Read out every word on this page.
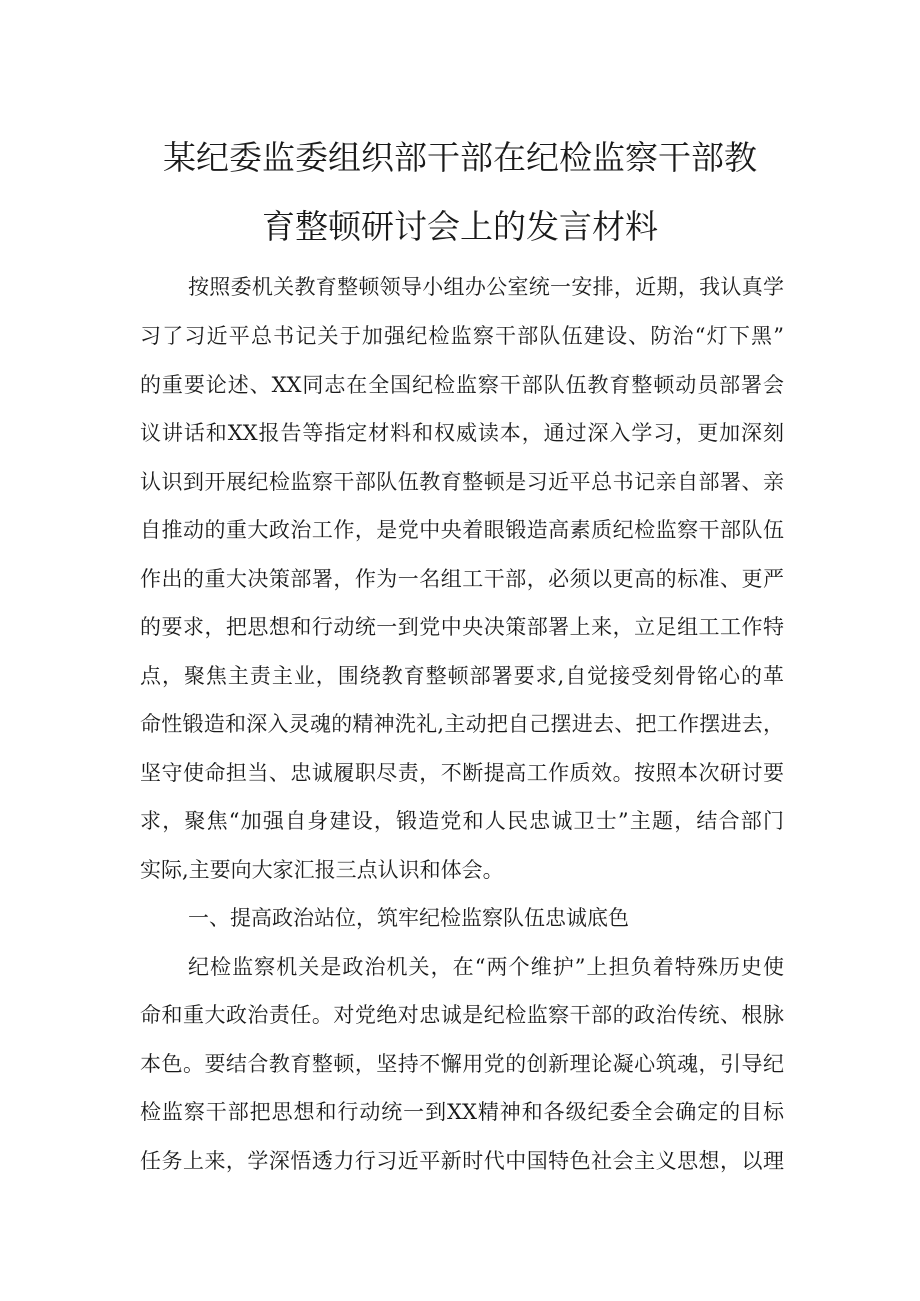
某纪委监委组织部干部在纪检监察干部教
育整顿研讨会上的发言材料
按照委机关教育整顿领导小组办公室统一安排，近期，我认真学
习了习近平总书记关于加强纪检监察干部队伍建设、防治“灯下黑”
的重要论述、XX同志在全国纪检监察干部队伍教育整顿动员部署会
议讲话和XX报告等指定材料和权威读本，通过深入学习，更加深刻
认识到开展纪检监察干部队伍教育整顿是习近平总书记亲自部署、亲
自推动的重大政治工作，是党中央着眼锻造高素质纪检监察干部队伍
作出的重大决策部署，作为一名组工干部，必须以更高的标准、更严
的要求，把思想和行动统一到党中央决策部署上来，立足组工工作特
点，聚焦主责主业，围绕教育整顿部署要求,自觉接受刻骨铭心的革
命性锻造和深入灵魂的精神洗礼,主动把自己摆进去、把工作摆进去，
坚守使命担当、忠诚履职尽责，不断提高工作质效。按照本次研讨要
求，聚焦“加强自身建设，锻造党和人民忠诚卫士”主题，结合部门
实际,主要向大家汇报三点认识和体会。
一、提高政治站位，筑牢纪检监察队伍忠诚底色
纪检监察机关是政治机关，在“两个维护”上担负着特殊历史使
命和重大政治责任。对党绝对忠诚是纪检监察干部的政治传统、根脉
本色。要结合教育整顿，坚持不懈用党的创新理论凝心筑魂，引导纪
检监察干部把思想和行动统一到XX精神和各级纪委全会确定的目标
任务上来，学深悟透力行习近平新时代中国特色社会主义思想，以理
